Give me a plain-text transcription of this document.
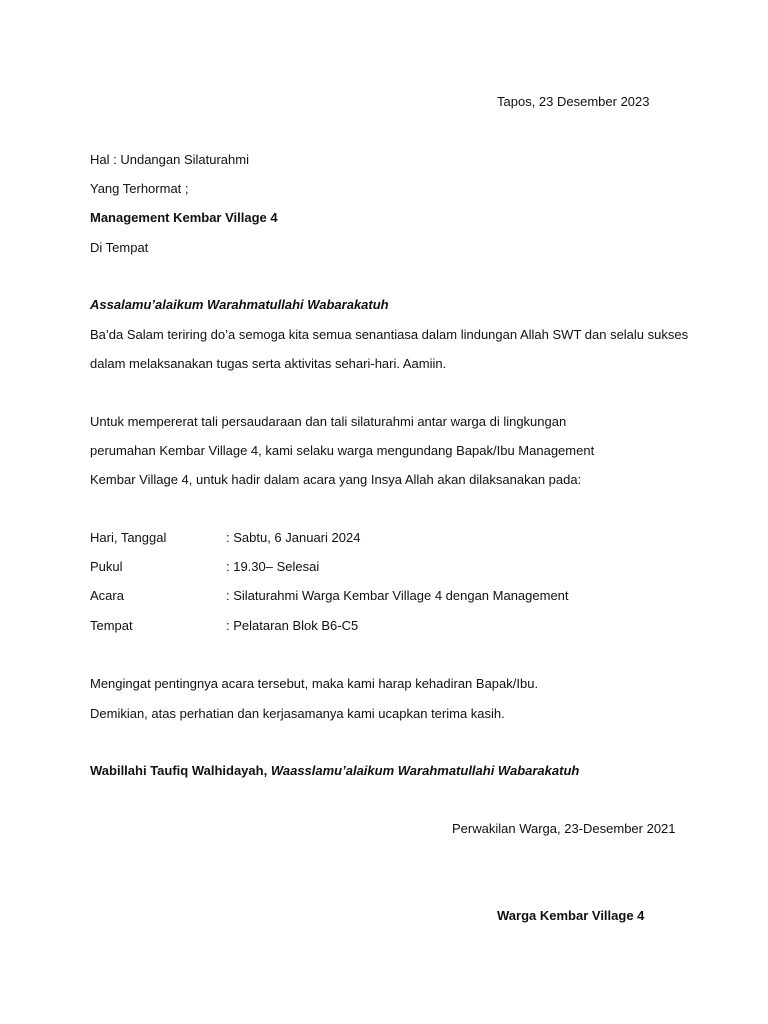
Tapos, 23 Desember 2023
Hal : Undangan Silaturahmi
Yang Terhormat ;
Management Kembar Village 4
Di Tempat
Assalamu’alaikum Warahmatullahi Wabarakatuh
Ba’da Salam teriring do’a semoga kita semua senantiasa dalam lindungan Allah SWT dan selalu sukses
dalam melaksanakan tugas serta aktivitas sehari-hari. Aamiin.
Untuk mempererat tali persaudaraan dan tali silaturahmi antar warga di lingkungan
perumahan Kembar Village 4, kami selaku warga mengundang Bapak/Ibu Management
Kembar Village 4, untuk hadir dalam acara yang Insya Allah akan dilaksanakan pada:
Hari, Tanggal	: Sabtu, 6 Januari 2024
Pukul	: 19.30– Selesai
Acara	: Silaturahmi Warga Kembar Village 4 dengan Management
Tempat	: Pelataran Blok B6-C5
Mengingat pentingnya acara tersebut, maka kami harap kehadiran Bapak/Ibu.
Demikian, atas perhatian dan kerjasamanya kami ucapkan terima kasih.
Wabillahi Taufiq Walhidayah, Waasslamu’alaikum Warahmatullahi Wabarakatuh
Perwakilan Warga, 23-Desember 2021
Warga Kembar Village 4
